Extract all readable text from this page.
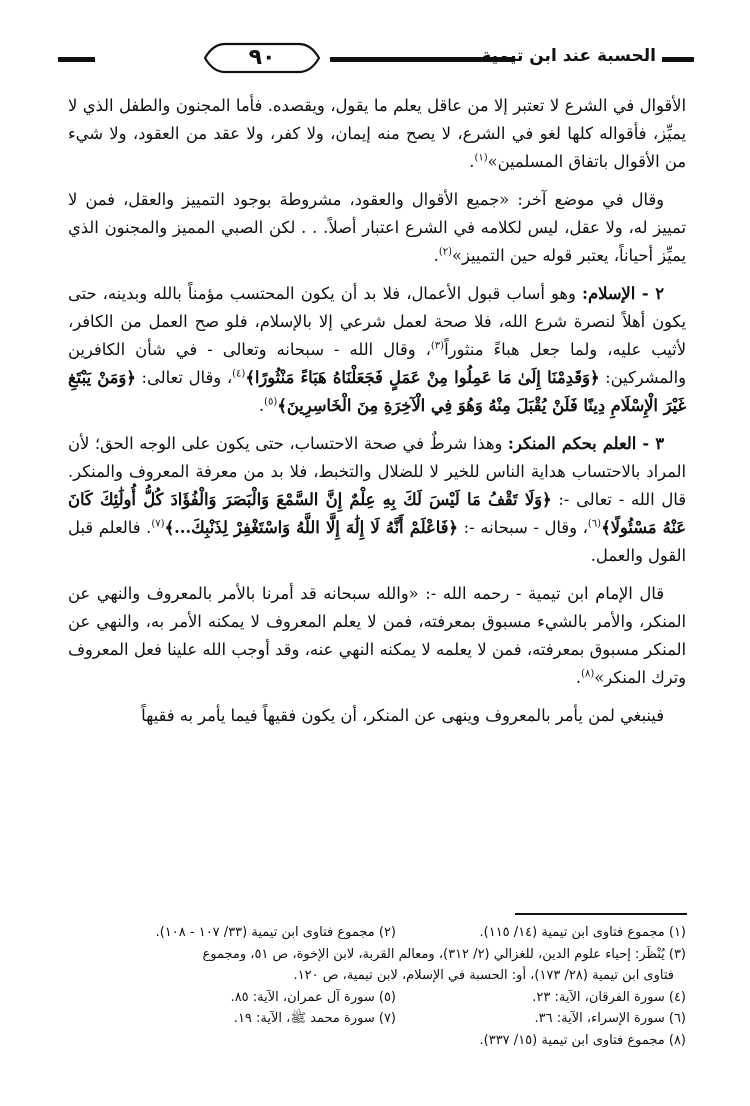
٩٠	الحسبة عند ابن تيمية

الأقوال في الشرع لا تعتبر إلا من عاقل يعلم ما يقول، ويقصده. فأما المجنون والطفل الذي لا يميِّز، فأقواله كلها لغو في الشرع، لا يصح منه إيمان، ولا كفر، ولا عقد من العقود، ولا شيء من الأقوال باتفاق المسلمين»$^{(١)}$.

وقال في موضع آخر: «جميع الأقوال والعقود، مشروطة بوجود التمييز والعقل، فمن لا تمييز له، ولا عقل، ليس لكلامه في الشرع اعتبار أصلاً. . . لكن الصبي المميز والمجنون الذي يميِّز أحياناً، يعتبر قوله حين التمييز»$^{(٢)}$.

٢ - الإسلام: وهو أساب قبول الأعمال، فلا بد أن يكون المحتسب مؤمناً بالله وبدينه، حتى يكون أهلاً لنصرة شرع الله، فلا صحة لعمل شرعي إلا بالإسلام، فلو صح العمل من الكافر، لأثيب عليه، ولما جعل هباءً منثوراً$^{(٣)}$، وقال الله - سبحانه وتعالى - في شأن الكافرين والمشركين: ﴿وَقَدِمْنَا إِلَىٰ مَا عَمِلُوا مِنْ عَمَلٍ فَجَعَلْنَاهُ هَبَاءً مَنْثُورًا﴾$^{(٤)}$، وقال تعالى: ﴿وَمَنْ يَبْتَغِ غَيْرَ الْإِسْلَامِ دِينًا فَلَنْ يُقْبَلَ مِنْهُ وَهُوَ فِي الْآخِرَةِ مِنَ الْخَاسِرِينَ﴾$^{(٥)}$.

٣ - العلم بحكم المنكر: وهذا شرطٌ في صحة الاحتساب، حتى يكون على الوجه الحق؛ لأن المراد بالاحتساب هداية الناس للخير لا للضلال والتخبط، فلا بد من معرفة المعروف والمنكر. قال الله - تعالى -: ﴿وَلَا تَقْفُ مَا لَيْسَ لَكَ بِهِ عِلْمٌ إِنَّ السَّمْعَ وَالْبَصَرَ وَالْفُؤَادَ كُلُّ أُولَٰئِكَ كَانَ عَنْهُ مَسْئُولًا﴾$^{(٦)}$، وقال - سبحانه -: ﴿فَاعْلَمْ أَنَّهُ لَا إِلَٰهَ إِلَّا اللَّهُ وَاسْتَغْفِرْ لِذَنْبِكَ...﴾$^{(٧)}$. فالعلم قبل القول والعمل.

قال الإمام ابن تيمية - رحمه الله -: «والله سبحانه قد أمرنا بالأمر بالمعروف والنهي عن المنكر، والأمر بالشيء مسبوق بمعرفته، فمن لا يعلم المعروف لا يمكنه الأمر به، والنهي عن المنكر مسبوق بمعرفته، فمن لا يعلمه لا يمكنه النهي عنه، وقد أوجب الله علينا فعل المعروف وترك المنكر»$^{(٨)}$.

فينبغي لمن يأمر بالمعروف وينهى عن المنكر، أن يكون فقيهاً فيما يأمر به فقيهاً

(١) مجموع فتاوى ابن تيمية (١٤/ ١١٥).
(٢) مجموع فتاوى ابن تيمية (٣٣/ ١٠٧ - ١٠٨).
(٣) يُنْظَر: إحياء علوم الدين، للغزالي (٢/ ٣١٢)، ومعالم القربة، لابن الإخوة، ص ٥١، ومجموع
فتاوى ابن تيمية (٢٨/ ١٧٣)، أو: الحسبة في الإسلام، لابن تيمية، ص ١٢٠.
(٤) سورة الفرقان، الآية: ٢٣.
(٥) سورة آل عمران، الآية: ٨٥.
(٦) سورة الإسراء، الآية: ٣٦.
(٧) سورة محمد ﷺ، الآية: ١٩.
(٨) مجموع فتاوى ابن تيمية (١٥/ ٣٣٧).
